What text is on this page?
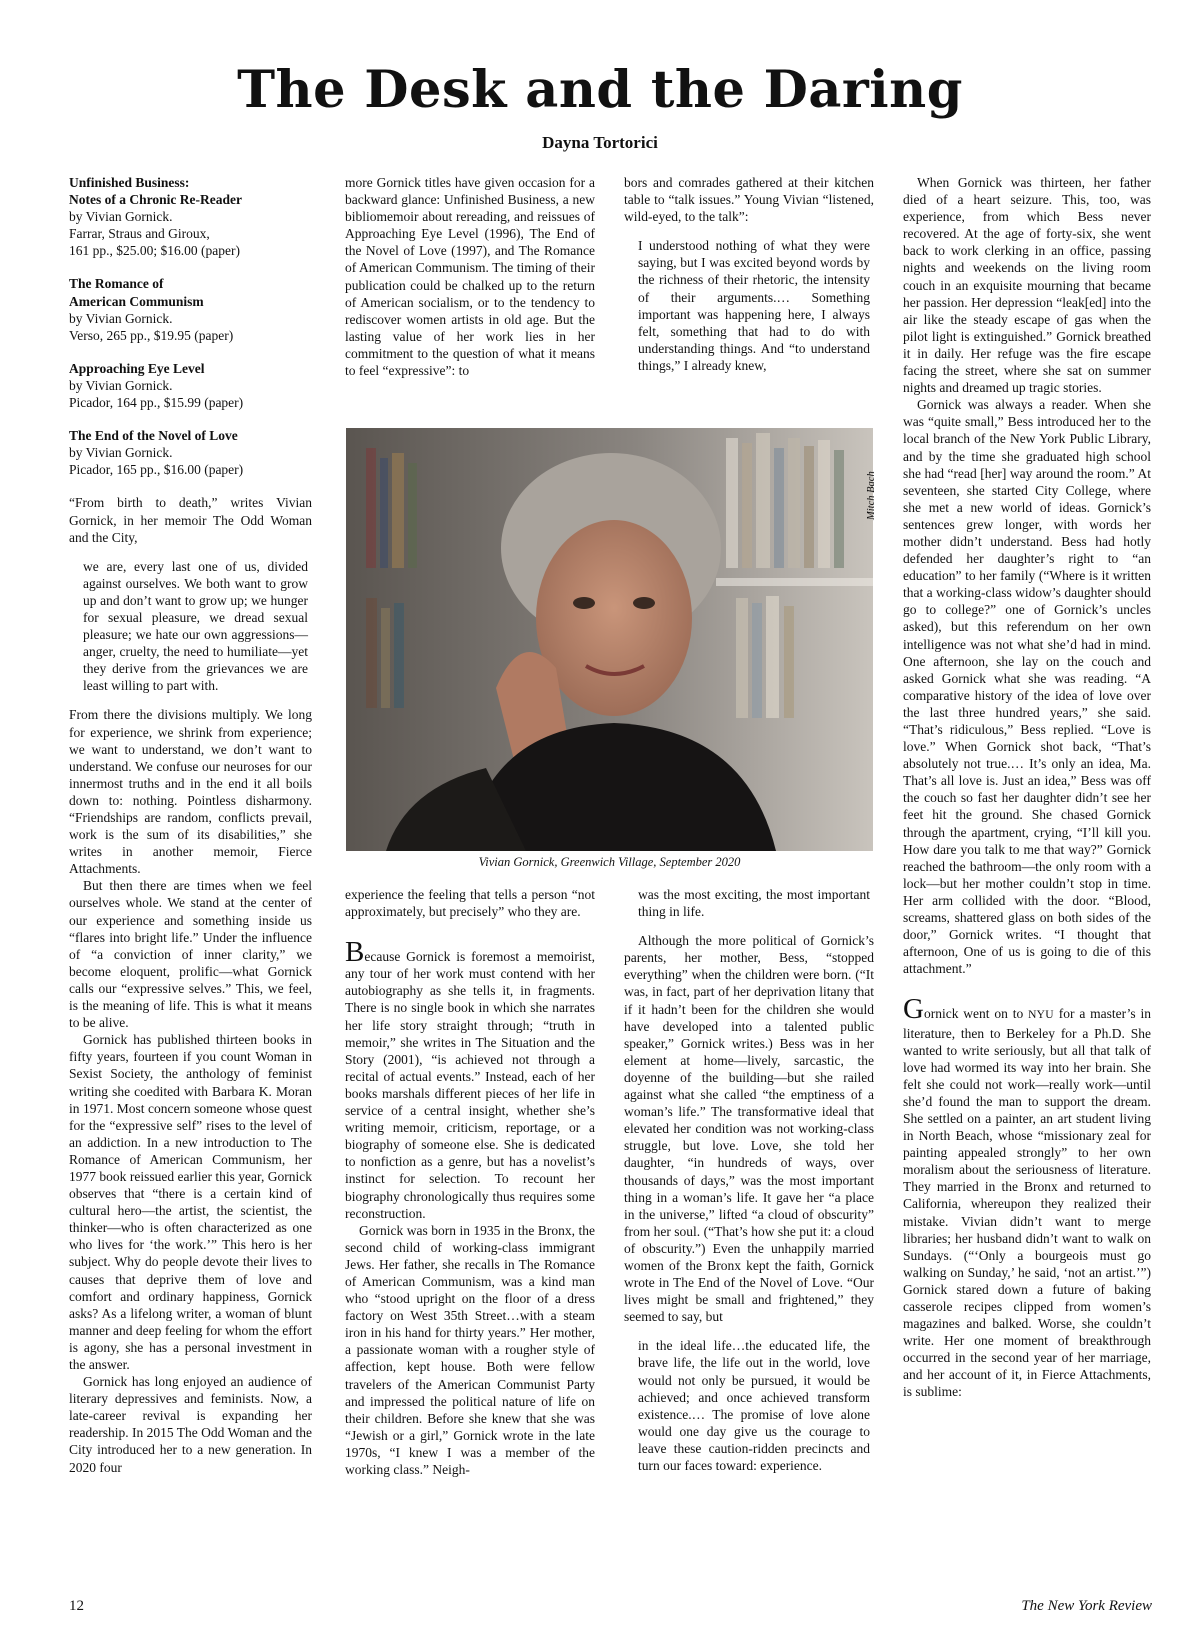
The Desk and the Daring
Dayna Tortorici
Unfinished Business:
Notes of a Chronic Re-Reader
by Vivian Gornick.
Farrar, Straus and Giroux,
161 pp., $25.00; $16.00 (paper)
The Romance of
American Communism
by Vivian Gornick.
Verso, 265 pp., $19.95 (paper)
Approaching Eye Level
by Vivian Gornick.
Picador, 164 pp., $15.99 (paper)
The End of the Novel of Love
by Vivian Gornick.
Picador, 165 pp., $16.00 (paper)

“From birth to death,” writes Vivian Gornick, in her memoir The Odd Woman and the City,

we are, every last one of us, divided against ourselves. We both want to grow up and don’t want to grow up; we hunger for sexual pleasure, we dread sexual pleasure; we hate our own aggressions—anger, cruelty, the need to humiliate—yet they derive from the grievances we are least willing to part with.

From there the divisions multiply. We long for experience, we shrink from experience; we want to understand, we don’t want to understand. We confuse our neuroses for our innermost truths and in the end it all boils down to: nothing. Pointless disharmony. “Friendships are random, conflicts prevail, work is the sum of its disabilities,” she writes in another memoir, Fierce Attachments.

But then there are times when we feel ourselves whole. We stand at the center of our experience and something inside us “flares into bright life.” Under the influence of “a conviction of inner clarity,” we become eloquent, prolific—what Gornick calls our “expressive selves.” This, we feel, is the meaning of life. This is what it means to be alive.

Gornick has published thirteen books in fifty years, fourteen if you count Woman in Sexist Society, the anthology of feminist writing she coedited with Barbara K. Moran in 1971. Most concern someone whose quest for the “expressive self” rises to the level of an addiction. In a new introduction to The Romance of American Communism, her 1977 book reissued earlier this year, Gornick observes that “there is a certain kind of cultural hero—the artist, the scientist, the thinker—who is often characterized as one who lives for ‘the work.’” This hero is her subject. Why do people devote their lives to causes that deprive them of love and comfort and ordinary happiness, Gornick asks? As a lifelong writer, a woman of blunt manner and deep feeling for whom the effort is agony, she has a personal investment in the answer.

Gornick has long enjoyed an audience of literary depressives and feminists. Now, a late-career revival is expanding her readership. In 2015 The Odd Woman and the City introduced her to a new generation. In 2020 four

more Gornick titles have given occasion for a backward glance: Unfinished Business, a new bibliomemoir about rereading, and reissues of Approaching Eye Level (1996), The End of the Novel of Love (1997), and The Romance of American Communism. The timing of their publication could be chalked up to the return of American socialism, or to the tendency to rediscover women artists in old age. But the lasting value of her work lies in her commitment to the question of what it means to feel “expressive”: to

bors and comrades gathered at their kitchen table to “talk issues.” Young Vivian “listened, wild-eyed, to the talk”:

I understood nothing of what they were saying, but I was excited beyond words by the richness of their rhetoric, the intensity of their arguments.… Something important was happening here, I always felt, something that had to do with understanding things. And “to understand things,” I already knew,

Mitch Bach
Vivian Gornick, Greenwich Village, September 2020

experience the feeling that tells a person “not approximately, but precisely” who they are.

Because Gornick is foremost a memoirist, any tour of her work must contend with her autobiography as she tells it, in fragments. There is no single book in which she narrates her life story straight through; “truth in memoir,” she writes in The Situation and the Story (2001), “is achieved not through a recital of actual events.” Instead, each of her books marshals different pieces of her life in service of a central insight, whether she’s writing memoir, criticism, reportage, or a biography of someone else. She is dedicated to nonfiction as a genre, but has a novelist’s instinct for selection. To recount her biography chronologically thus requires some reconstruction.

Gornick was born in 1935 in the Bronx, the second child of working-class immigrant Jews. Her father, she recalls in The Romance of American Communism, was a kind man who “stood upright on the floor of a dress factory on West 35th Street…with a steam iron in his hand for thirty years.” Her mother, a passionate woman with a rougher style of affection, kept house. Both were fellow travelers of the American Communist Party and impressed the political nature of life on their children. Before she knew that she was “Jewish or a girl,” Gornick wrote in the late 1970s, “I knew I was a member of the working class.” Neigh-

was the most exciting, the most important thing in life.

Although the more political of Gornick’s parents, her mother, Bess, “stopped everything” when the children were born. (“It was, in fact, part of her deprivation litany that if it hadn’t been for the children she would have developed into a talented public speaker,” Gornick writes.) Bess was in her element at home—lively, sarcastic, the doyenne of the building—but she railed against what she called “the emptiness of a woman’s life.” The transformative ideal that elevated her condition was not working-class struggle, but love. Love, she told her daughter, “in hundreds of ways, over thousands of days,” was the most important thing in a woman’s life. It gave her “a place in the universe,” lifted “a cloud of obscurity” from her soul. (“That’s how she put it: a cloud of obscurity.”) Even the unhappily married women of the Bronx kept the faith, Gornick wrote in The End of the Novel of Love. “Our lives might be small and frightened,” they seemed to say, but

in the ideal life…the educated life, the brave life, the life out in the world, love would not only be pursued, it would be achieved; and once achieved transform existence.… The promise of love alone would one day give us the courage to leave these caution-ridden precincts and turn our faces toward: experience.

When Gornick was thirteen, her father died of a heart seizure. This, too, was experience, from which Bess never recovered. At the age of forty-six, she went back to work clerking in an office, passing nights and weekends on the living room couch in an exquisite mourning that became her passion. Her depression “leak[ed] into the air like the steady escape of gas when the pilot light is extinguished.” Gornick breathed it in daily. Her refuge was the fire escape facing the street, where she sat on summer nights and dreamed up tragic stories.

Gornick was always a reader. When she was “quite small,” Bess introduced her to the local branch of the New York Public Library, and by the time she graduated high school she had “read [her] way around the room.” At seventeen, she started City College, where she met a new world of ideas. Gornick’s sentences grew longer, with words her mother didn’t understand. Bess had hotly defended her daughter’s right to “an education” to her family (“Where is it written that a working-class widow’s daughter should go to college?” one of Gornick’s uncles asked), but this referendum on her own intelligence was not what she’d had in mind. One afternoon, she lay on the couch and asked Gornick what she was reading. “A comparative history of the idea of love over the last three hundred years,” she said. “That’s ridiculous,” Bess replied. “Love is love.” When Gornick shot back, “That’s absolutely not true.… It’s only an idea, Ma. That’s all love is. Just an idea,” Bess was off the couch so fast her daughter didn’t see her feet hit the ground. She chased Gornick through the apartment, crying, “I’ll kill you. How dare you talk to me that way?” Gornick reached the bathroom—the only room with a lock—but her mother couldn’t stop in time. Her arm collided with the door. “Blood, screams, shattered glass on both sides of the door,” Gornick writes. “I thought that afternoon, One of us is going to die of this attachment.”

Gornick went on to NYU for a master’s in literature, then to Berkeley for a Ph.D. She wanted to write seriously, but all that talk of love had wormed its way into her brain. She felt she could not work—really work—until she’d found the man to support the dream. She settled on a painter, an art student living in North Beach, whose “missionary zeal for painting appealed strongly” to her own moralism about the seriousness of literature. They married in the Bronx and returned to California, whereupon they realized their mistake. Vivian didn’t want to merge libraries; her husband didn’t want to walk on Sundays. (“‘Only a bourgeois must go walking on Sunday,’ he said, ‘not an artist.’”) Gornick stared down a future of baking casserole recipes clipped from women’s magazines and balked. Worse, she couldn’t write. Her one moment of breakthrough occurred in the second year of her marriage, and her account of it, in Fierce Attachments, is sublime:

12	The New York Review
